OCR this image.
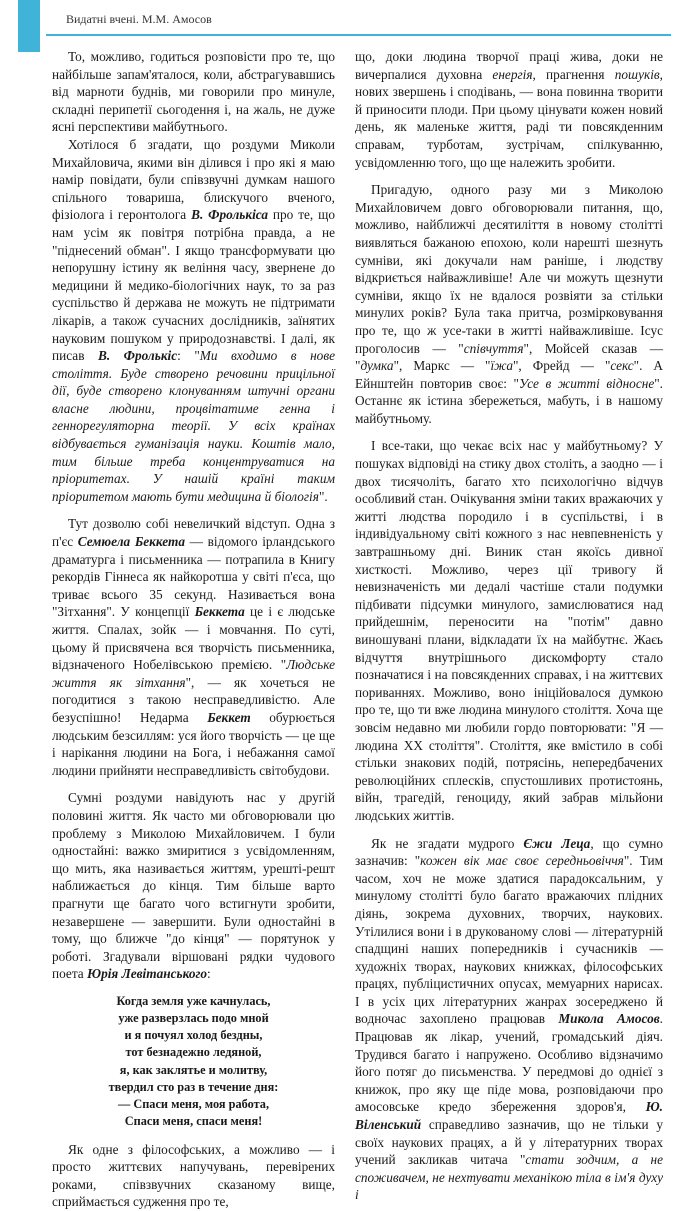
Видатні вчені. М.М. Амосов

То, можливо, годиться розповісти про те, що найбільше запам'яталося, коли, абстрагувавшись від марноти буднів, ми говорили про минуле, складні перипетії сьогодення і, на жаль, не дуже ясні перспективи майбутнього.

Хотілося б згадати, що роздуми Миколи Михайловича, якими він ділився і про які я маю намір повідати, були співзвучні думкам нашого спільного товариша, блискучого вченого, фізіолога і геронтолога В. Фролькіса про те, що нам усім як повітря потрібна правда, а не "піднесений обман". І якщо трансформувати цю непорушну істину як веління часу, звернене до медицини й медико-біологічних наук, то за раз суспільство й держава не можуть не підтримати лікарів, а також сучасних дослідників, заїнятих науковим пошуком у природознавстві. І далі, як писав В. Фролькіс: "Ми входимо в нове століття. Буде створено речовини прицільної дії, буде створено клонуванням штучні органи власне людини, процвітатиме генна і геннорегуляторна теорії. У всіх країнах відбувається гуманізація науки. Коштів мало, тим більше треба концентруватися на пріоритетах. У нашій країні таким пріоритетом мають бути медицина й біологія".

Тут дозволю собі невеличкий відступ. Одна з п'єс Семюела Беккета — відомого ірландського драматурга і письменника — потрапила в Книгу рекордів Гіннеса як найкоротша у світі п'єса, що триває всього 35 секунд. Називається вона "Зітхання". У концепції Беккета це і є людське життя. Спалах, зойк — і мовчання. По суті, цьому й присвячена вся творчість письменника, відзначеного Нобелівською премією. "Людське життя як зітхання", — як хочеться не погодитися з такою несправедливістю. Але безуспішно! Недарма Беккет обурюється людським безсиллям: уся його творчість — це ще і нарікання людини на Бога, і небажання самої людини прийняти несправедливість світобудови.

Сумні роздуми навідують нас у другій половині життя. Як часто ми обговорювали цю проблему з Миколою Михайловичем. І були одностайні: важко змиритися з усвідомленням, що мить, яка називається життям, урешті-решт наближається до кінця. Тим більше варто прагнути ще багато чого встигнути зробити, незавершене — завершити. Були одностайні в тому, що ближче "до кінця" — порятунок у роботі. Згадували віршовані рядки чудового поета Юрія Левітанського:

Когда земля уже качнулась,
уже разверзлась подо мной
и я почуял холод бездны,
тот безнадежно ледяной,
я, как заклятье и молитву,
твердил сто раз в течение дня:
— Спаси меня, моя работа,
Спаси меня, спаси меня!

Як одне з філософських, а можливо — і просто життєвих напучувань, перевірених роками, співзвучних сказаному вище, сприймається судження про те,

що, доки людина творчої праці жива, доки не вичерпалися духовна енергія, прагнення пошуків, нових звершень і сподівань, — вона повинна творити й приносити плоди. При цьому цінувати кожен новий день, як маленьке життя, раді ти повсякденним справам, турботам, зустрічам, спілкуванню, усвідомленню того, що ще належить зробити.

Пригадую, одного разу ми з Миколою Михайловичем довго обговорювали питання, що, можливо, найближчі десятиліття в новому столітті виявляться бажаною епохою, коли нарешті шезнуть сумніви, які докучали нам раніше, і людству відкриється найважливіше! Але чи можуть щезнути сумніви, якщо їх не вдалося розвіяти за стільки минулих років? Була така притча, розмірковування про те, що ж усе-таки в житті найважливіше. Ісус проголосив — "співчуття", Мойсей сказав — "думка", Маркс — "їжа", Фрейд — "секс". А Ейнштейн повторив своє: "Усе в житті відносне". Останнє як істина збережеться, мабуть, і в нашому майбутньому.

І все-таки, що чекає всіх нас у майбутньому? У пошуках відповіді на стику двох століть, а заодно — і двох тисячоліть, багато хто психологічно відчув особливий стан. Очікування зміни таких вражаючих у житті людства породило і в суспільстві, і в індивідуальному світі кожного з нас невпевненість у завтрашньому дні. Виник стан якоїсь дивної хисткості. Можливо, через ції тривогу й невизначеність ми дедалі частіше стали подумки підбивати підсумки минулого, замислюватися над прийдешнім, переносити на "потім" давно виношувані плани, відкладати їх на майбутнє. Жаєь відчуття внутрішнього дискомфорту стало позначатися і на повсякденних справах, і на життєвих пориваннях. Можливо, воно ініційовалося думкою про те, що ти вже людина минулого століття. Хоча ще зовсім недавно ми любили гордо повторювати: "Я — людина ХХ століття". Століття, яке вмістило в собі стільки знакових подій, потрясінь, непередбачених революційних сплесків, спустошливих протистоянь, війн, трагедій, геноциду, який забрав мільйони людських життів.

Як не згадати мудрого Єжи Леца, що сумно зазначив: "кожен вік має своє середньовіччя". Тим часом, хоч не може здатися парадоксальним, у минулому столітті було багато вражаючих плідних діянь, зокрема духовних, творчих, наукових. Утілилися вони і в друкованому слові — літературній спадщині наших попередників і сучасників — художніх творах, наукових книжках, філософських працях, публіцистичних опусах, мемуарних нарисах. І в усіх цих літературних жанрах зосереджено й водночас захоплено працював Микола Амосов. Працював як лікар, учений, громадський діяч. Трудився багато і напружено. Особливо відзначимо його потяг до письменства. У передмові до однієї з книжок, про яку ще піде мова, розповідаючи про амосовське кредо збереження здоров'я, Ю. Віленський справедливо зазначив, що не тільки у своїх наукових працях, а й у літературних творах учений закликав читача "стати зодчим, а не споживачем, не нехтувати механікою тіла в ім'я духу і
